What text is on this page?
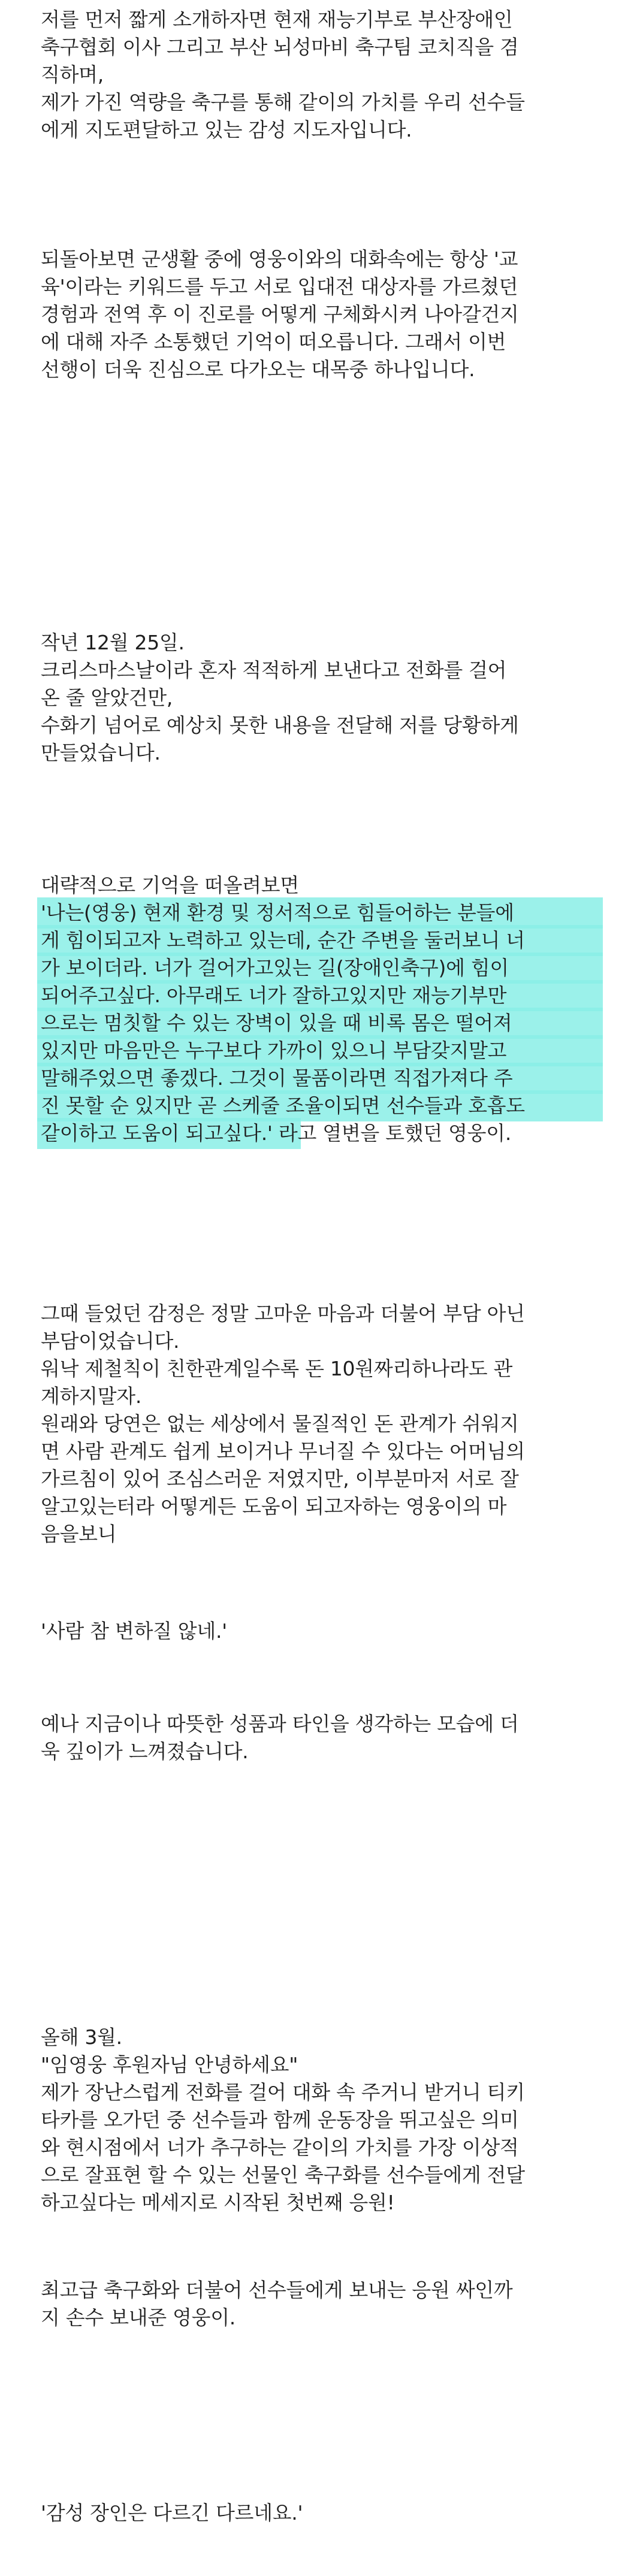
저를 먼저 짧게 소개하자면 현재 재능기부로 부산장애인
축구협회 이사 그리고 부산 뇌성마비 축구팀 코치직을 겸
직하며,
제가 가진 역량을 축구를 통해 같이의 가치를 우리 선수들
에게 지도편달하고 있는 감성 지도자입니다.
되돌아보면 군생활 중에 영웅이와의 대화속에는 항상 '교
육'이라는 키워드를 두고 서로 입대전 대상자를 가르쳤던
경험과 전역 후 이 진로를 어떻게 구체화시켜 나아갈건지
에 대해 자주 소통했던 기억이 떠오릅니다. 그래서 이번
선행이 더욱 진심으로 다가오는 대목중 하나입니다.
작년 12월 25일.
크리스마스날이라 혼자 적적하게 보낸다고 전화를 걸어
온 줄 알았건만,
수화기 넘어로 예상치 못한 내용을 전달해 저를 당황하게
만들었습니다.
대략적으로 기억을 떠올려보면
'나는(영웅) 현재 환경 및 정서적으로 힘들어하는 분들에
게 힘이되고자 노력하고 있는데, 순간 주변을 둘러보니 너
가 보이더라. 너가 걸어가고있는 길(장애인축구)에 힘이
되어주고싶다. 아무래도 너가 잘하고있지만 재능기부만
으로는 멈칫할 수 있는 장벽이 있을 때 비록 몸은 떨어져
있지만 마음만은 누구보다 가까이 있으니 부담갖지말고
말해주었으면 좋겠다. 그것이 물품이라면 직접가져다 주
진 못할 순 있지만 곧 스케줄 조율이되면 선수들과 호흡도
같이하고 도움이 되고싶다.' 라고 열변을 토했던 영웅이.
그때 들었던 감정은 정말 고마운 마음과 더불어 부담 아닌
부담이었습니다.
워낙 제철칙이 친한관계일수록 돈 10원짜리하나라도 관
계하지말자.
원래와 당연은 없는 세상에서 물질적인 돈 관계가 쉬워지
면 사람 관계도 쉽게 보이거나 무너질 수 있다는 어머님의
가르침이 있어 조심스러운 저였지만, 이부분마저 서로 잘
알고있는터라 어떻게든 도움이 되고자하는 영웅이의 마
음을보니
'사람 참 변하질 않네.'
예나 지금이나 따뜻한 성품과 타인을 생각하는 모습에 더
욱 깊이가 느껴졌습니다.
올해 3월.
"임영웅 후원자님 안녕하세요"
제가 장난스럽게 전화를 걸어 대화 속 주거니 받거니 티키
타카를 오가던 중 선수들과 함께 운동장을 뛰고싶은 의미
와 현시점에서 너가 추구하는 같이의 가치를 가장 이상적
으로 잘표현 할 수 있는 선물인 축구화를 선수들에게 전달
하고싶다는 메세지로 시작된 첫번째 응원!
최고급 축구화와 더불어 선수들에게 보내는 응원 싸인까
지 손수 보내준 영웅이.
'감성 장인은 다르긴 다르네요.'
